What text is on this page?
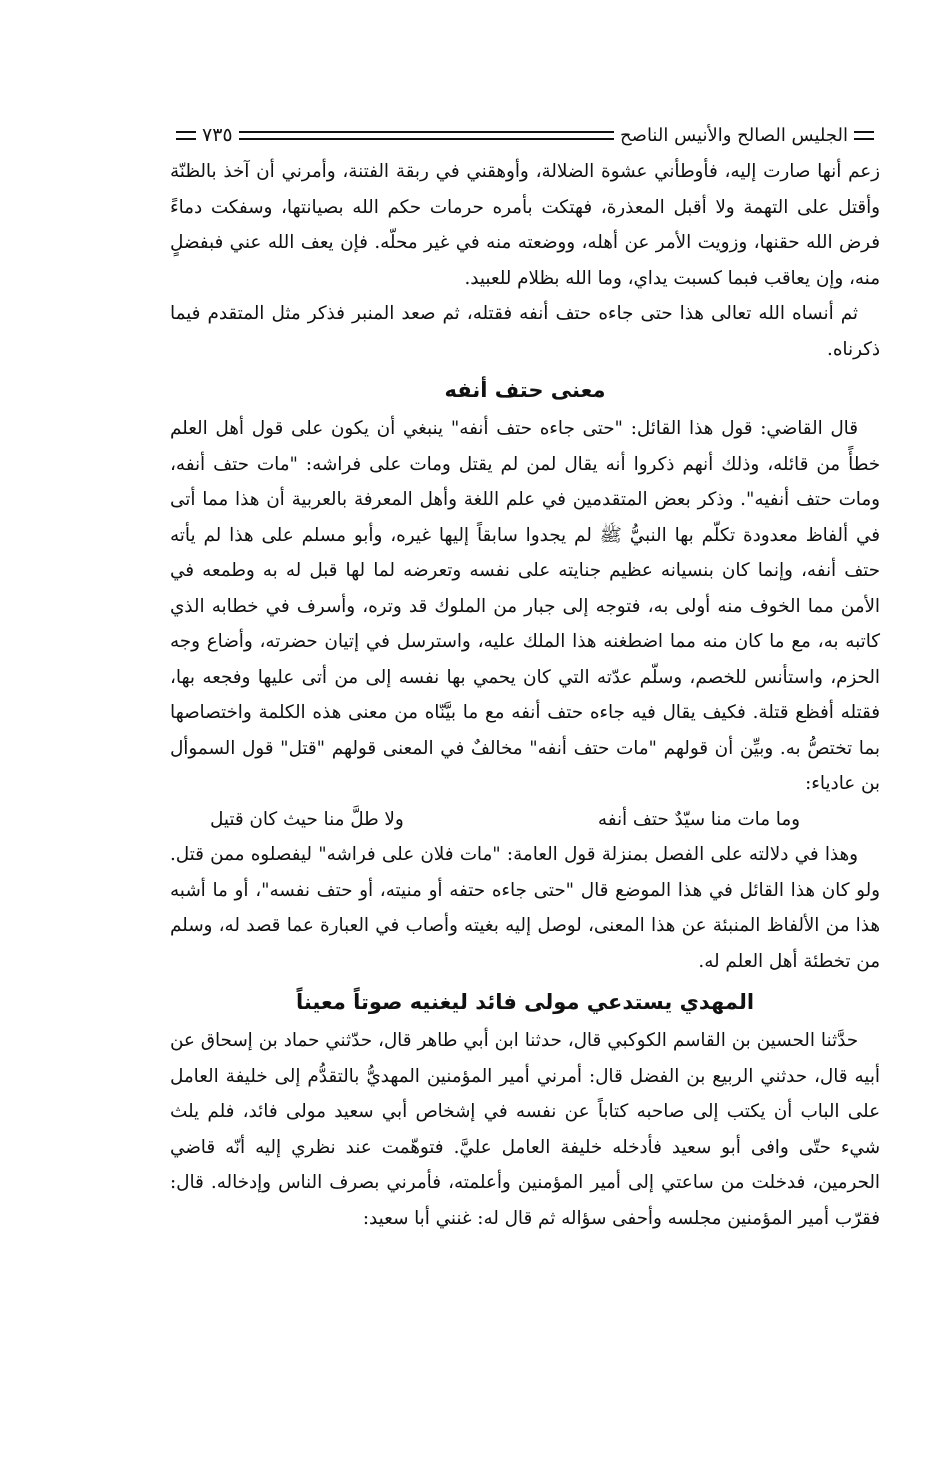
الجليس الصالح والأنيس الناصح
٧٣٥

زعم أنها صارت إليه، فأوطأني عشوة الضلالة، وأوهقني في ربقة الفتنة، وأمرني أن آخذ بالظنّة وأقتل على التهمة ولا أقبل المعذرة، فهتكت بأمره حرمات حكم الله بصيانتها، وسفكت دماءً فرض الله حقنها، وزويت الأمر عن أهله، ووضعته منه في غير محلّه. فإن يعف الله عني فبفضلٍ منه، وإن يعاقب فبما كسبت يداي، وما الله بظلام للعبيد.

ثم أنساه الله تعالى هذا حتى جاءه حتف أنفه فقتله، ثم صعد المنبر فذكر مثل المتقدم فيما ذكرناه.

معنى حتف أنفه

قال القاضي: قول هذا القائل: "حتى جاءه حتف أنفه" ينبغي أن يكون على قول أهل العلم خطأً من قائله، وذلك أنهم ذكروا أنه يقال لمن لم يقتل ومات على فراشه: "مات حتف أنفه، ومات حتف أنفيه". وذكر بعض المتقدمين في علم اللغة وأهل المعرفة بالعربية أن هذا مما أتى في ألفاظ معدودة تكلّم بها النبيُّ ﷺ لم يجدوا سابقاً إليها غيره، وأبو مسلم على هذا لم يأته حتف أنفه، وإنما كان بنسيانه عظيم جنايته على نفسه وتعرضه لما لها قبل له به وطمعه في الأمن مما الخوف منه أولى به، فتوجه إلى جبار من الملوك قد وتره، وأسرف في خطابه الذي كاتبه به، مع ما كان منه مما اضطغنه هذا الملك عليه، واسترسل في إتيان حضرته، وأضاع وجه الحزم، واستأنس للخصم، وسلّم عدّته التي كان يحمي بها نفسه إلى من أتى عليها وفجعه بها، فقتله أفظع قتلة. فكيف يقال فيه جاءه حتف أنفه مع ما بيَّنّاه من معنى هذه الكلمة واختصاصها بما تختصُّ به. وبيِّن أن قولهم "مات حتف أنفه" مخالفٌ في المعنى قولهم "قتل" قول السموأل بن عادياء:

وما مات منا سيّدٌ حتف أنفه
ولا طلَّ منا حيث كان قتيل

وهذا في دلالته على الفصل بمنزلة قول العامة: "مات فلان على فراشه" ليفصلوه ممن قتل. ولو كان هذا القائل في هذا الموضع قال "حتى جاءه حتفه أو منيته، أو حتف نفسه"، أو ما أشبه هذا من الألفاظ المنبئة عن هذا المعنى، لوصل إليه بغيته وأصاب في العبارة عما قصد له، وسلم من تخطئة أهل العلم له.

المهدي يستدعي مولى فائد ليغنيه صوتاً معيناً

حدَّثنا الحسين بن القاسم الكوكبي قال، حدثنا ابن أبي طاهر قال، حدّثني حماد بن إسحاق عن أبيه قال، حدثني الربيع بن الفضل قال: أمرني أمير المؤمنين المهديُّ بالتقدُّم إلى خليفة العامل على الباب أن يكتب إلى صاحبه كتاباً عن نفسه في إشخاص أبي سعيد مولى فائد، فلم يلث شيء حتّى وافى أبو سعيد فأدخله خليفة العامل عليَّ. فتوهّمت عند نظري إليه أنّه قاضي الحرمين، فدخلت من ساعتي إلى أمير المؤمنين وأعلمته، فأمرني بصرف الناس وإدخاله. قال: فقرّب أمير المؤمنين مجلسه وأحفى سؤاله ثم قال له: غنني أبا سعيد:
